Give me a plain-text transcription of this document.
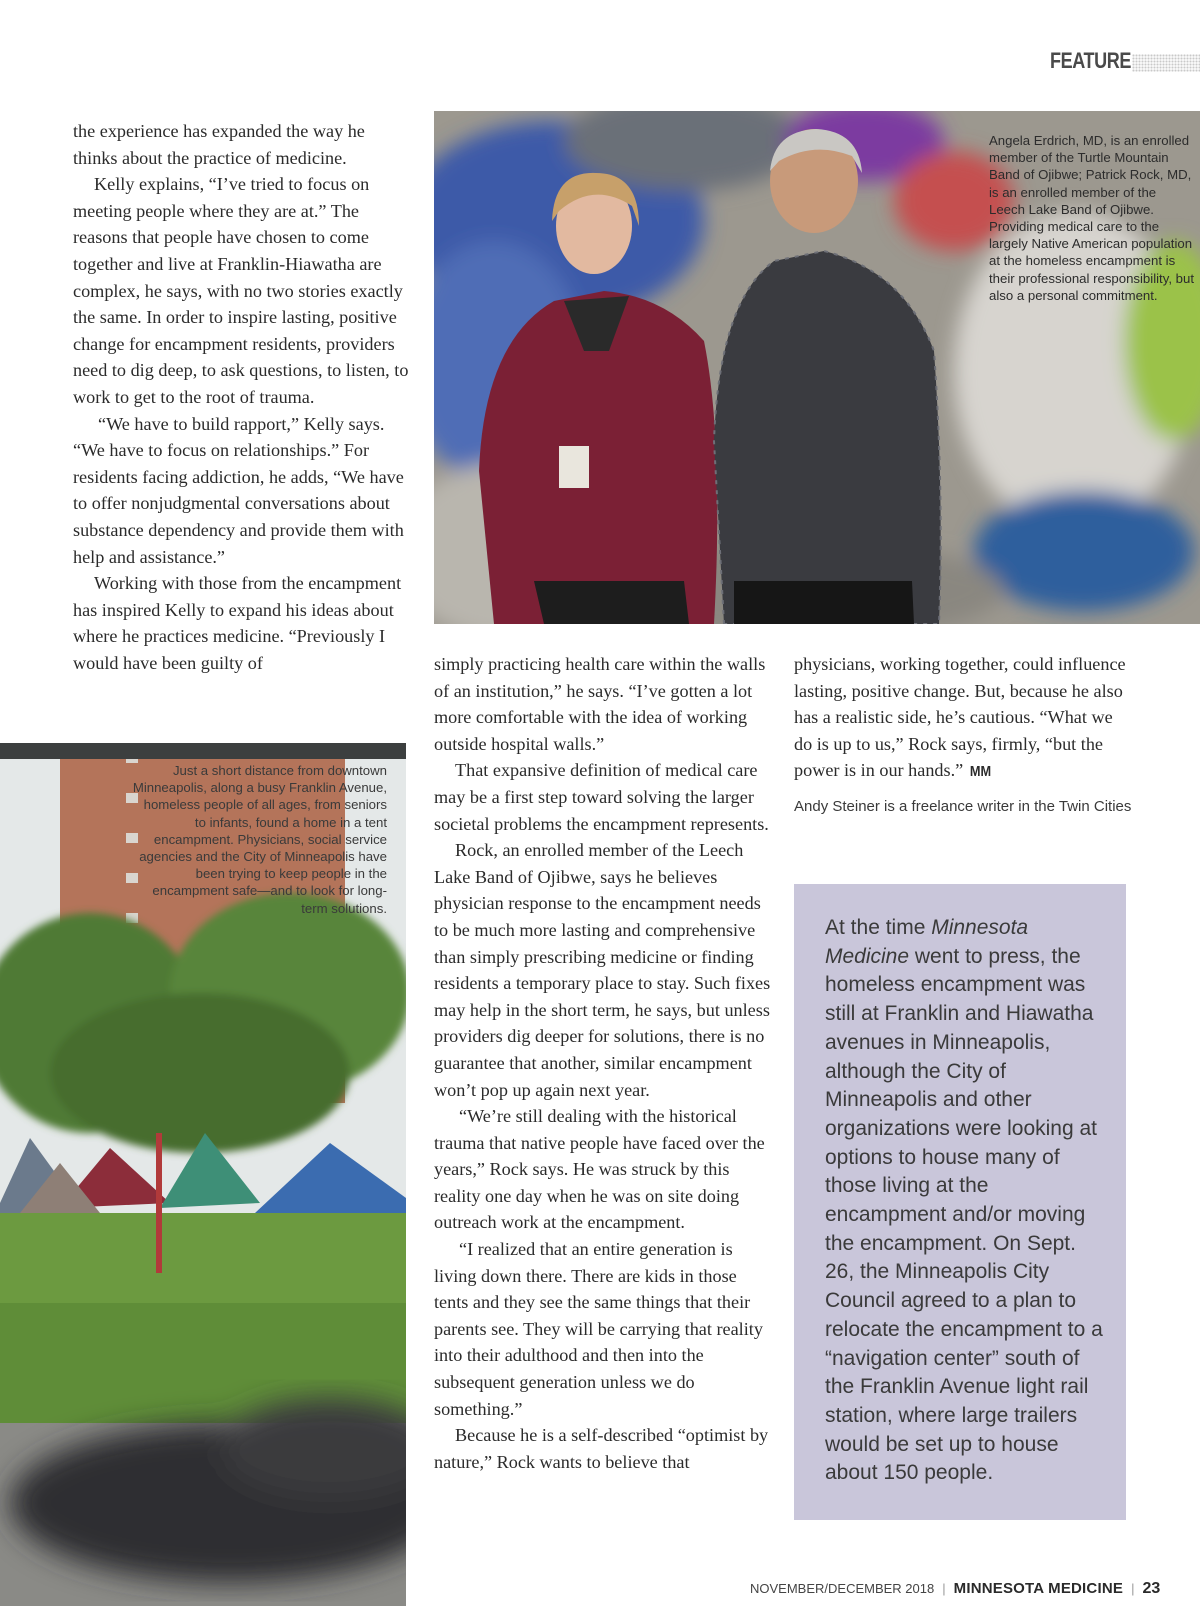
FEATURE

the experience has expanded the way he thinks about the practice of medicine.

Kelly explains, “I’ve tried to focus on meeting people where they are at.” The reasons that people have chosen to come together and live at Franklin-Hiawatha are complex, he says, with no two stories exactly the same. In order to inspire lasting, positive change for encampment residents, providers need to dig deep, to ask questions, to listen, to work to get to the root of trauma.

“We have to build rapport,” Kelly says. “We have to focus on relationships.” For residents facing addiction, he adds, “We have to offer nonjudgmental conversations about substance dependency and provide them with help and assistance.”

Working with those from the encampment has inspired Kelly to expand his ideas about where he practices medicine. “Previously I would have been guilty of

Angela Erdrich, MD, is an enrolled member of the Turtle Mountain Band of Ojibwe; Patrick Rock, MD, is an enrolled member of the Leech Lake Band of Ojibwe. Providing medical care to the largely Native American population at the homeless encampment is their professional responsibility, but also a personal commitment.
Just a short distance from downtown Minneapolis, along a busy Franklin Avenue, homeless people of all ages, from seniors to infants, found a home in a tent encampment. Physicians, social service agencies and the City of Minneapolis have been trying to keep people in the encampment safe—and to look for long-term solutions.

simply practicing health care within the walls of an institution,” he says. “I’ve gotten a lot more comfortable with the idea of working outside hospital walls.”

That expansive definition of medical care may be a first step toward solving the larger societal problems the encampment represents.

Rock, an enrolled member of the Leech Lake Band of Ojibwe, says he believes physician response to the encampment needs to be much more lasting and comprehensive than simply prescribing medicine or finding residents a temporary place to stay. Such fixes may help in the short term, he says, but unless providers dig deeper for solutions, there is no guarantee that another, similar encampment won’t pop up again next year.

“We’re still dealing with the historical trauma that native people have faced over the years,” Rock says. He was struck by this reality one day when he was on site doing outreach work at the encampment.

“I realized that an entire generation is living down there. There are kids in those tents and they see the same things that their parents see. They will be carrying that reality into their adulthood and then into the subsequent generation unless we do something.”

Because he is a self-described “optimist by nature,” Rock wants to believe that

physicians, working together, could influence lasting, positive change. But, because he also has a realistic side, he’s cautious. “What we do is up to us,” Rock says, firmly, “but the power is in our hands.” MM

Andy Steiner is a freelance writer in the Twin Cities

At the time Minnesota Medicine went to press, the homeless encampment was still at Franklin and Hiawatha avenues in Minneapolis, although the City of Minneapolis and other organizations were looking at options to house many of those living at the encampment and/or moving the encampment. On Sept. 26, the Minneapolis City Council agreed to a plan to relocate the encampment to a “navigation center” south of the Franklin Avenue light rail station, where large trailers would be set up to house about 150 people.
NOVEMBER/DECEMBER 2018 | MINNESOTA MEDICINE | 23
